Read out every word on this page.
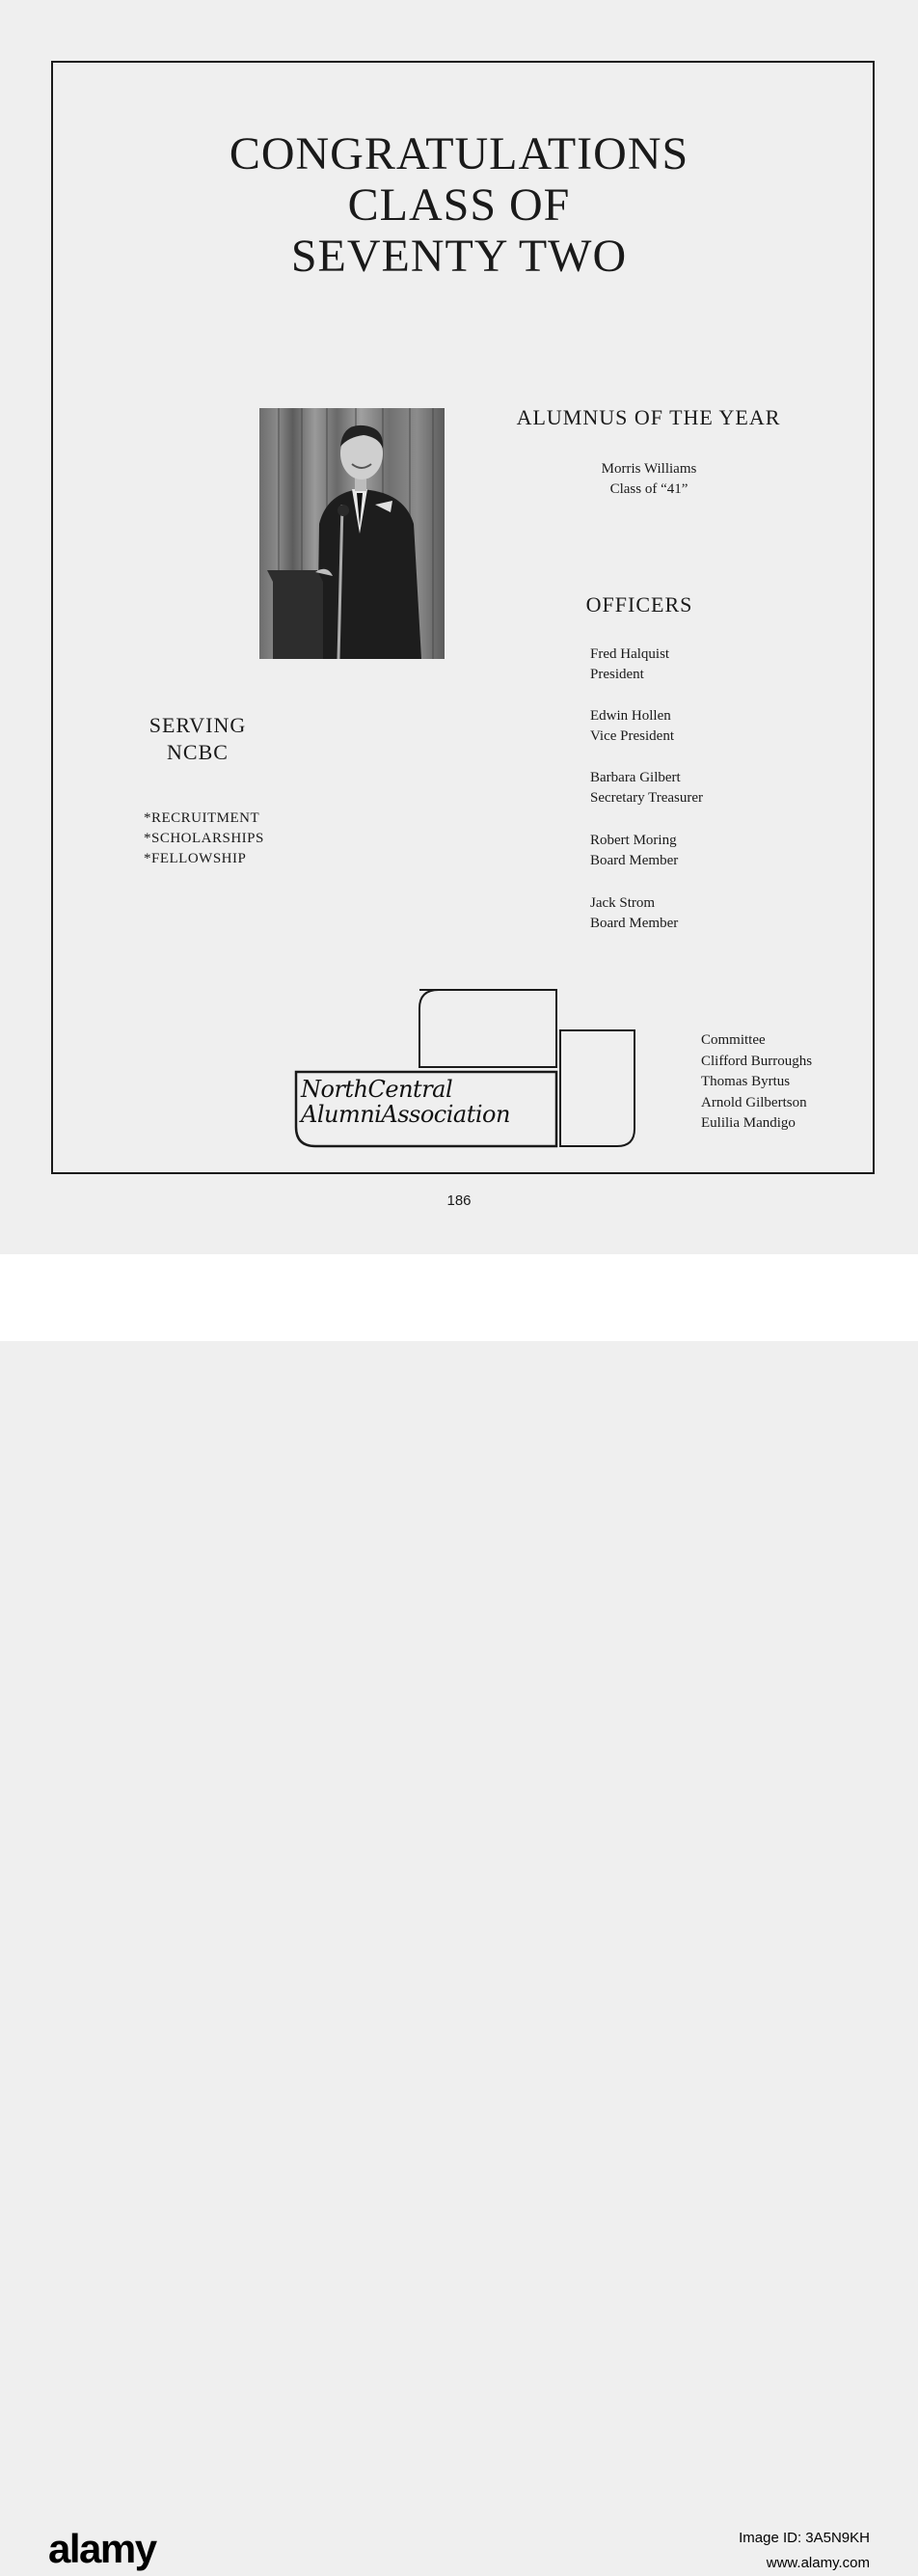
CONGRATULATIONS
CLASS OF
SEVENTY TWO
ALUMNUS OF THE YEAR
Morris Williams
Class of “41”
OFFICERS
Fred Halquist
President
Edwin Hollen
Vice President
Barbara Gilbert
Secretary Treasurer
Robert Moring
Board Member
Jack Strom
Board Member
SERVING
NCBC
*RECRUITMENT
*SCHOLARSHIPS
*FELLOWSHIP
NorthCentral
AlumniAssociation
Committee
Clifford Burroughs
Thomas Byrtus
Arnold Gilbertson
Eulilia Mandigo
186
alamy	Image ID: 3A5N9KH
www.alamy.com
